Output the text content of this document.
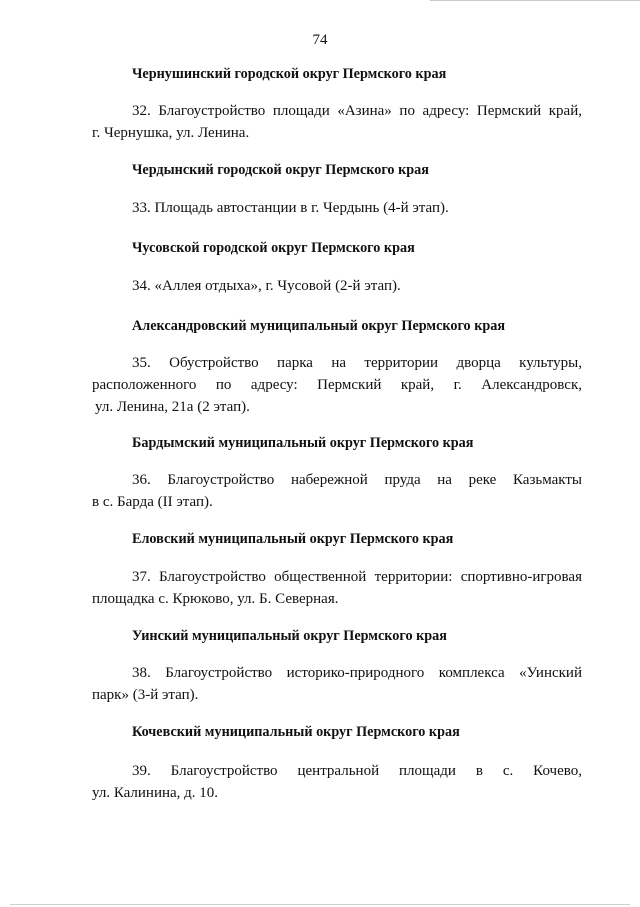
74
Чернушинский городской округ Пермского края
32. Благоустройство площади «Азина» по адресу: Пермский край,
г. Чернушка, ул. Ленина.
Чердынский городской округ Пермского края
33. Площадь автостанции в г. Чердынь (4-й этап).
Чусовской городской округ Пермского края
34. «Аллея отдыха», г. Чусовой (2-й этап).
Александровский муниципальный округ Пермского края
35. Обустройство парка на территории дворца культуры,
расположенного по адресу: Пермский край, г. Александровск,
ул. Ленина, 21а (2 этап).
Бардымский муниципальный округ Пермского края
36. Благоустройство набережной пруда на реке Казьмакты
в с. Барда (II этап).
Еловский муниципальный округ Пермского края
37. Благоустройство общественной территории: спортивно-игровая
площадка с. Крюково, ул. Б. Северная.
Уинский муниципальный округ Пермского края
38. Благоустройство историко-природного комплекса «Уинский
парк» (3-й этап).
Кочевский муниципальный округ Пермского края
39. Благоустройство центральной площади в с. Кочево,
ул. Калинина, д. 10.
